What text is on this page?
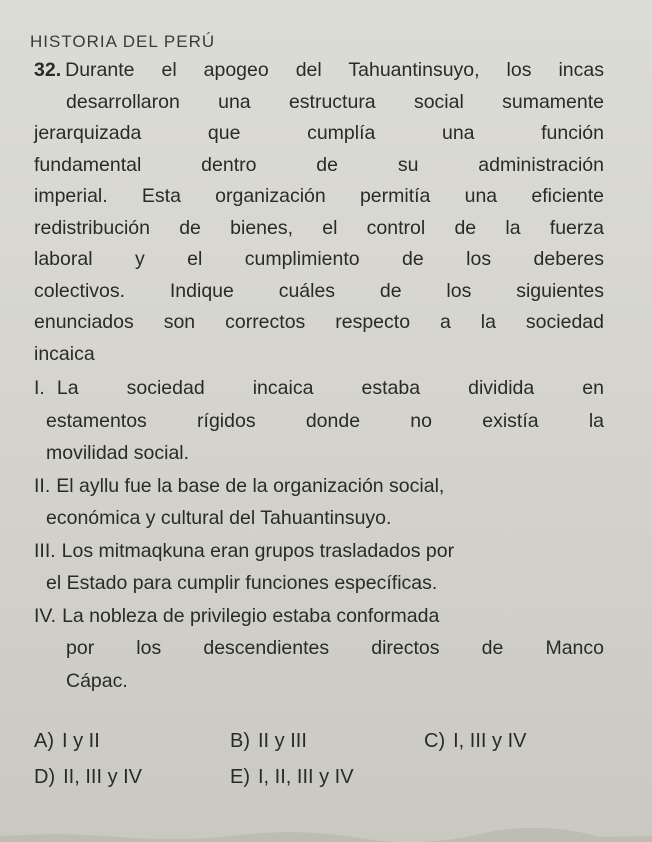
HISTORIA DEL PERÚ
32. Durante el apogeo del Tahuantinsuyo, los incas
desarrollaron una estructura social sumamente
jerarquizada que cumplía una función
fundamental dentro de su administración
imperial. Esta organización permitía una eficiente
redistribución de bienes, el control de la fuerza
laboral y el cumplimiento de los deberes
colectivos. Indique cuáles de los siguientes
enunciados son correctos respecto a la sociedad
incaica
I. La sociedad incaica estaba dividida en
estamentos rígidos donde no existía la
movilidad social.
II. El ayllu fue la base de la organización social,
económica y cultural del Tahuantinsuyo.
III. Los mitmaqkuna eran grupos trasladados por
el Estado para cumplir funciones específicas.
IV. La nobleza de privilegio estaba conformada
por los descendientes directos de Manco
Cápac.
A) I y II	B) II y III	C) I, III y IV
D) II, III y IV	E) I, II, III y IV
